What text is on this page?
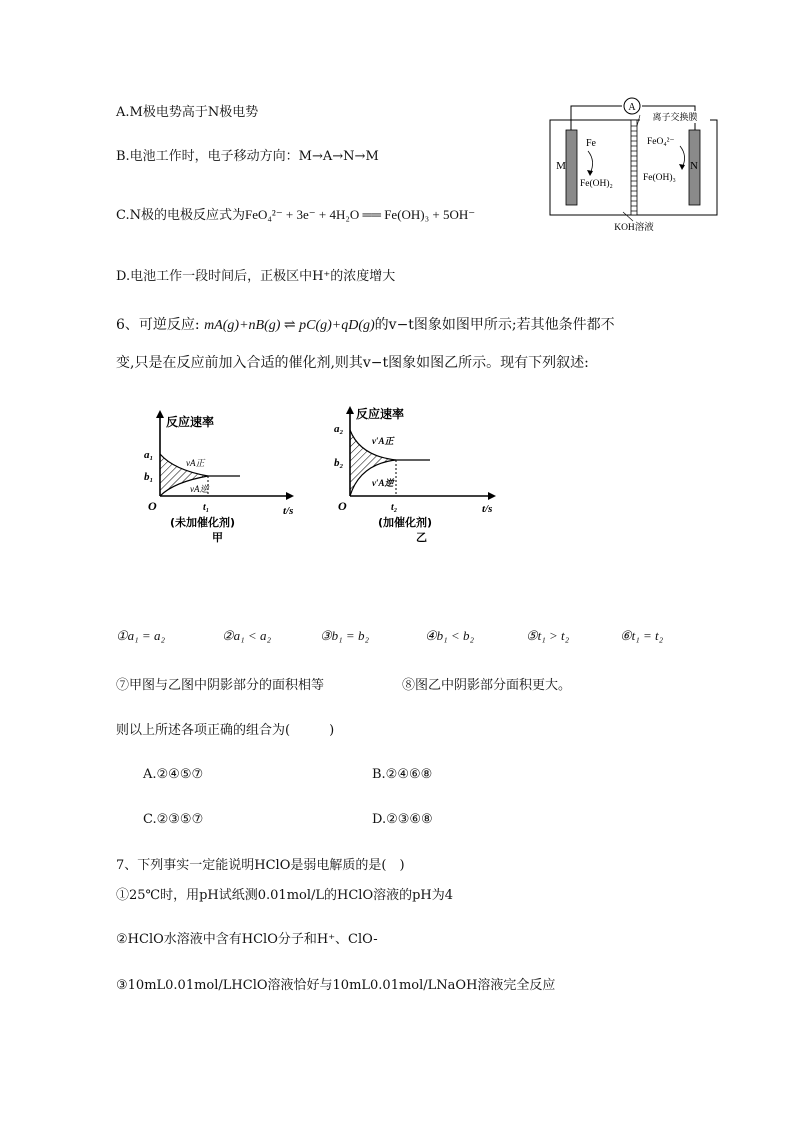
A.M极电势高于N极电势
B.电池工作时，电子移动方向：M→A→N→M
C.N极的电极反应式为FeO₄²⁻ + 3e⁻ + 4H₂O ══ Fe(OH)₃ + 5OH⁻
D.电池工作一段时间后，正极区中H⁺的浓度增大
A
离子交换膜
M	N
Fe
Fe(OH)₂
FeO₄²⁻
Fe(OH)₃
KOH溶液
6、可逆反应: mA(g)+nB(g) ⇌ pC(g)+qD(g)的v−t图象如图甲所示;若其他条件都不
变,只是在反应前加入合适的催化剂,则其v−t图象如图乙所示。现有下列叙述:
反应速率
a₁
b₁
vA正
vA逆
O	t₁	t/s
(未加催化剂)
甲
反应速率
a₂
b₂
v′A正
v′A逆
O	t₂	t/s
(加催化剂)
乙
①a₁ = a₂	②a₁ < a₂	③b₁ = b₂	④b₁ < b₂	⑤t₁ > t₂	⑥t₁ = t₂
⑦甲图与乙图中阴影部分的面积相等	⑧图乙中阴影部分面积更大。
则以上所述各项正确的组合为(　　　)
A.②④⑤⑦	B.②④⑥⑧
C.②③⑤⑦	D.②③⑥⑧
7、下列事实一定能说明HClO是弱电解质的是(　)
①25℃时，用pH试纸测0.01mol/L的HClO溶液的pH为4
②HClO水溶液中含有HClO分子和H⁺、ClO-
③10mL0.01mol/LHClO溶液恰好与10mL0.01mol/LNaOH溶液完全反应
